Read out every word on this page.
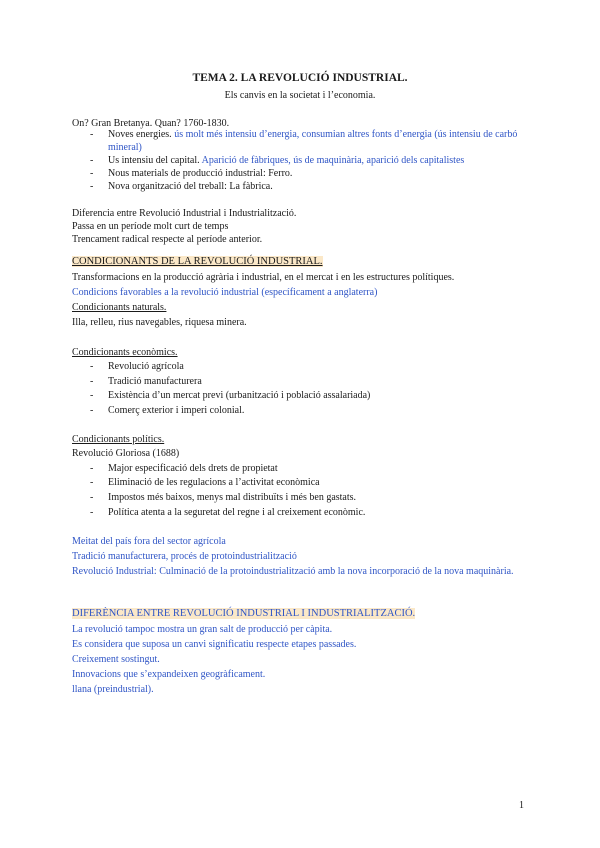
TEMA 2. LA REVOLUCIÓ INDUSTRIAL.
Els canvis en la societat i l’economia.
On? Gran Bretanya. Quan? 1760-1830.
- Noves energies. ús molt més intensiu d’energia, consumian altres fonts d’energia (ús intensiu de carbó mineral)
- Us intensiu del capital. Aparició de fàbriques, ús de maquinària, aparició dels capitalistes
- Nous materials de producció industrial: Ferro.
- Nova organització del treball: La fàbrica.
Diferencia entre Revolució Industrial i Industrialització.
Passa en un període molt curt de temps
Trencament radical respecte al període anterior.
CONDICIONANTS DE LA REVOLUCIÓ INDUSTRIAL.
Transformacions en la producció agrària i industrial, en el mercat i en les estructures polítiques.
Condicions favorables a la revolució industrial (específicament a anglaterra)
Condicionants naturals.
Illa, relleu, rius navegables, riquesa minera.
Condicionants econòmics.
- Revolució agrícola
- Tradició manufacturera
- Existència d’un mercat previ (urbanització i població assalariada)
- Comerç exterior i imperi colonial.
Condicionants polítics.
Revolució Gloriosa (1688)
- Major especificació dels drets de propietat
- Eliminació de les regulacions a l’activitat econòmica
- Impostos més baixos, menys mal distribuïts i més ben gastats.
- Política atenta a la seguretat del regne i al creixement econòmic.
Meitat del país fora del sector agrícola
Tradició manufacturera, procés de protoindustrialització
Revolució Industrial: Culminació de la protoindustrialització amb la nova incorporació de la nova maquinària.
DIFERÈNCIA ENTRE REVOLUCIÓ INDUSTRIAL I INDUSTRIALITZACIÓ.
La revolució tampoc mostra un gran salt de producció per càpita.
Es considera que suposa un canvi significatiu respecte etapes passades.
Creixement sostingut.
Innovacions que s’expandeixen geogràficament.
llana (preindustrial).
1
